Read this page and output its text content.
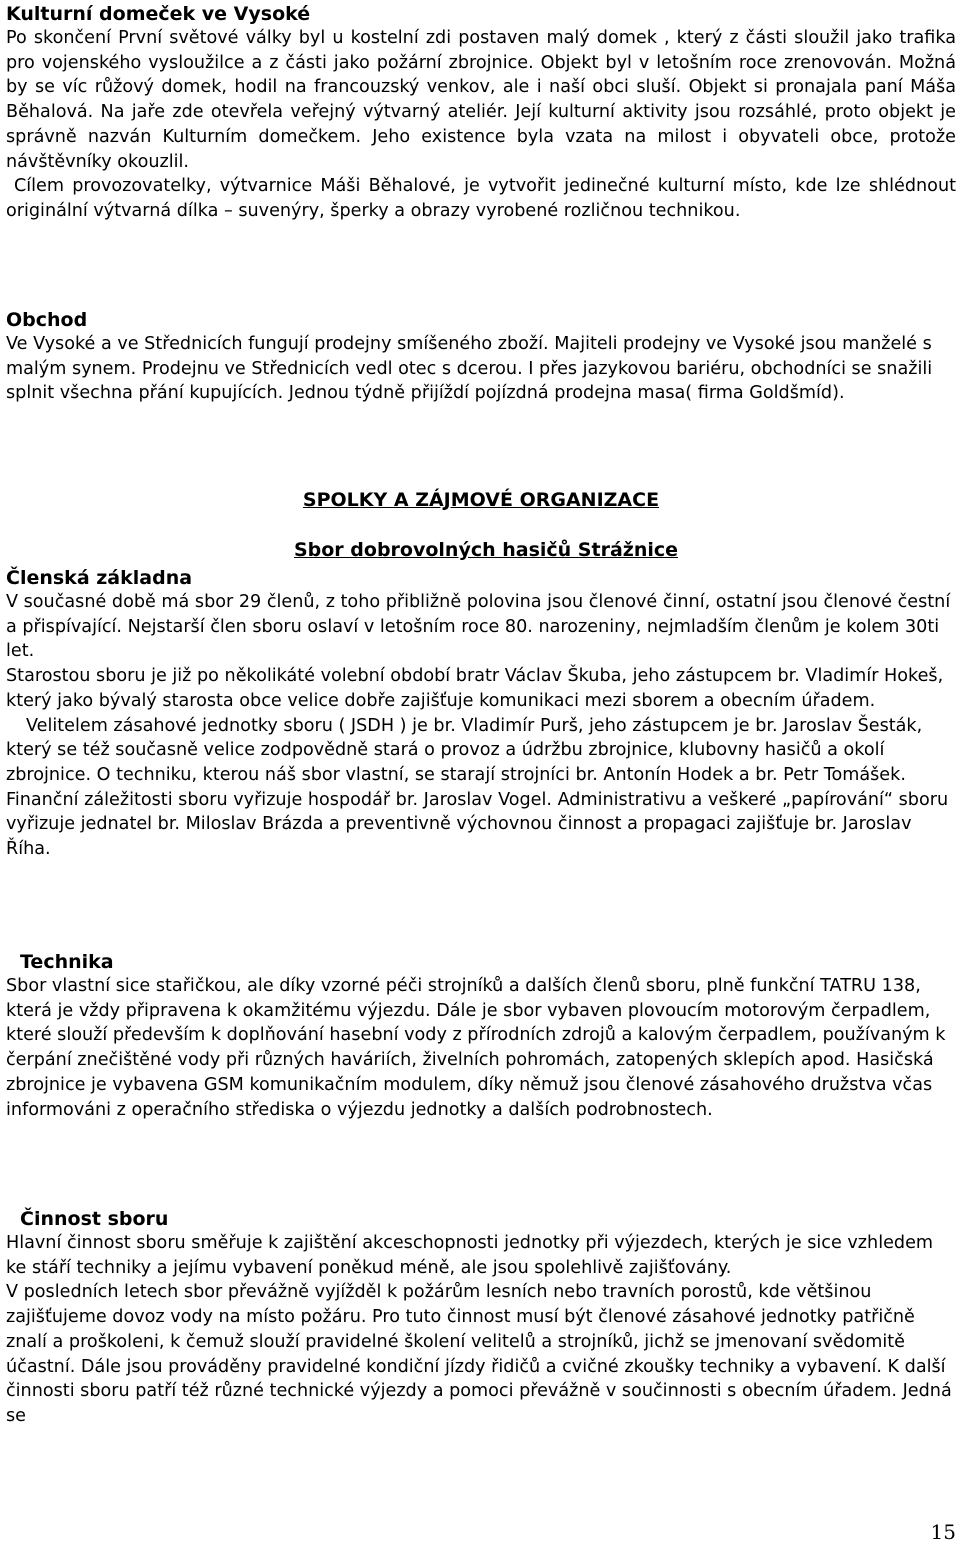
Kulturní domeček ve Vysoké

Po skončení První světové války byl u kostelní zdi postaven malý domek , který z části sloužil jako trafika pro vojenského vysloužilce a z části jako požární zbrojnice. Objekt byl v letošním roce zrenovován. Možná by se víc růžový domek, hodil na francouzský venkov, ale i naší obci sluší. Objekt si pronajala paní Máša Běhalová. Na jaře zde otevřela veřejný výtvarný ateliér. Její kulturní aktivity jsou rozsáhlé, proto objekt je správně nazván Kulturním domečkem. Jeho existence byla vzata na milost i obyvateli obce, protože návštěvníky okouzlil.

Cílem provozovatelky, výtvarnice Máši Běhalové, je vytvořit jedinečné kulturní místo, kde lze shlédnout originální výtvarná dílka – suvenýry, šperky a obrazy vyrobené rozličnou technikou.

Obchod

Ve Vysoké a ve Střednicích fungují prodejny smíšeného zboží. Majiteli prodejny ve Vysoké jsou manželé s malým synem. Prodejnu ve Střednicích vedl otec s dcerou. I přes jazykovou bariéru, obchodníci se snažili splnit všechna přání kupujících. Jednou týdně přijíždí pojízdná prodejna masa( firma Goldšmíd).

SPOLKY A ZÁJMOVÉ ORGANIZACE
Sbor dobrovolných hasičů Strážnice
Členská základna

V současné době má sbor 29 členů, z toho přibližně polovina jsou členové činní, ostatní jsou členové čestní a přispívající. Nejstarší člen sboru oslaví v letošním roce 80. narozeniny, nejmladším členům je kolem 30ti let.

Starostou sboru je již po několikáté volební období bratr Václav Škuba, jeho zástupcem br. Vladimír Hokeš, který jako bývalý starosta obce velice dobře zajišťuje komunikaci mezi sborem a obecním úřadem.

Velitelem zásahové jednotky sboru ( JSDH ) je br. Vladimír Purš, jeho zástupcem je br. Jaroslav Šesták, který se též současně velice zodpovědně stará o provoz a údržbu zbrojnice, klubovny hasičů a okolí zbrojnice. O techniku, kterou náš sbor vlastní, se starají strojníci br. Antonín Hodek a br. Petr Tomášek. Finanční záležitosti sboru vyřizuje hospodář br. Jaroslav Vogel. Administrativu a veškeré „papírování“ sboru vyřizuje jednatel br. Miloslav Brázda a preventivně výchovnou činnost a propagaci zajišťuje br. Jaroslav Říha.

Technika

Sbor vlastní sice stařičkou, ale díky vzorné péči strojníků a dalších členů sboru, plně funkční TATRU 138, která je vždy připravena k okamžitému výjezdu. Dále je sbor vybaven plovoucím motorovým čerpadlem, které slouží především k doplňování hasební vody z přírodních zdrojů a kalovým čerpadlem, používaným k čerpání znečištěné vody při různých haváriích, živelních pohromách, zatopených sklepích apod. Hasičská zbrojnice je vybavena GSM komunikačním modulem, díky němuž jsou členové zásahového družstva včas informováni z operačního střediska o výjezdu jednotky a dalších podrobnostech.

Činnost sboru

Hlavní činnost sboru směřuje k zajištění akceschopnosti jednotky při výjezdech, kterých je sice vzhledem ke stáří techniky a jejímu vybavení poněkud méně, ale jsou spolehlivě zajišťovány.

V posledních letech sbor převážně vyjížděl k požárům lesních nebo travních porostů, kde většinou zajišťujeme dovoz vody na místo požáru. Pro tuto činnost musí být členové zásahové jednotky patřičně znalí a proškoleni, k čemuž slouží pravidelné školení velitelů a strojníků, jichž se jmenovaní svědomitě účastní. Dále jsou prováděny pravidelné kondiční jízdy řidičů a cvičné zkoušky techniky a vybavení. K další činnosti sboru patří též různé technické výjezdy a pomoci převážně v součinnosti s obecním úřadem. Jedná se

15
